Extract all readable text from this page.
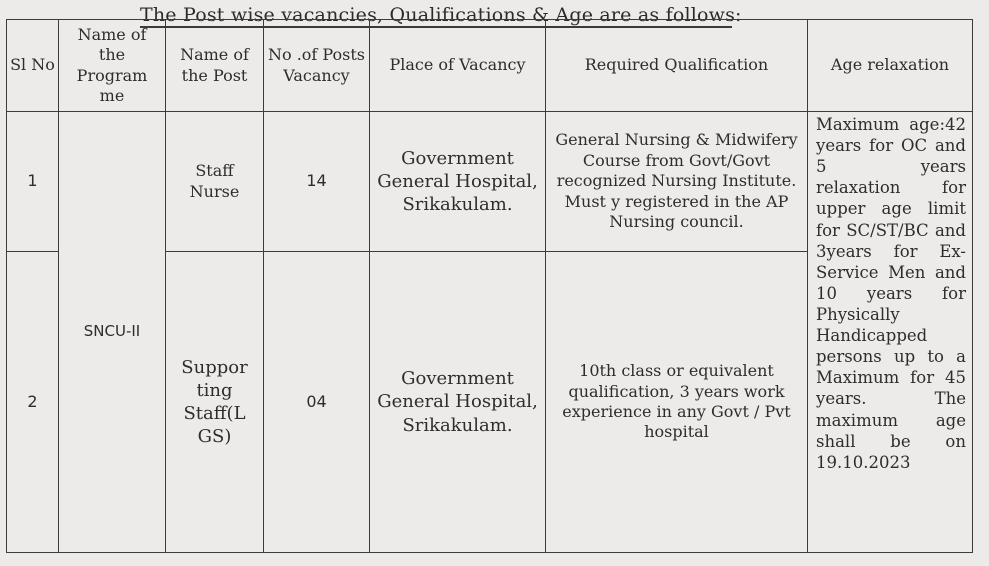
The Post wise vacancies, Qualifications & Age are as follows:
Sl No	Name of the Program me	Name of the Post	No .of Posts Vacancy	Place of Vacancy	Required Qualification	Age relaxation
1	SNCU-II	Staff Nurse	14	Government General Hospital, Srikakulam.	General Nursing & Midwifery Course from Govt/Govt recognized Nursing Institute. Must y registered in the AP Nursing council.	Maximum age:42 years for OC and 5 years relaxation for upper age limit for SC/ST/BC and 3years for Ex-Service Men and 10 years for Physically Handicapped persons up to a Maximum for 45 years. The maximum age shall be on 19.10.2023
2		Suppor ting Staff(L GS)	04	Government General Hospital, Srikakulam.	10th class or equivalent qualification, 3 years work experience in any Govt / Pvt hospital	
